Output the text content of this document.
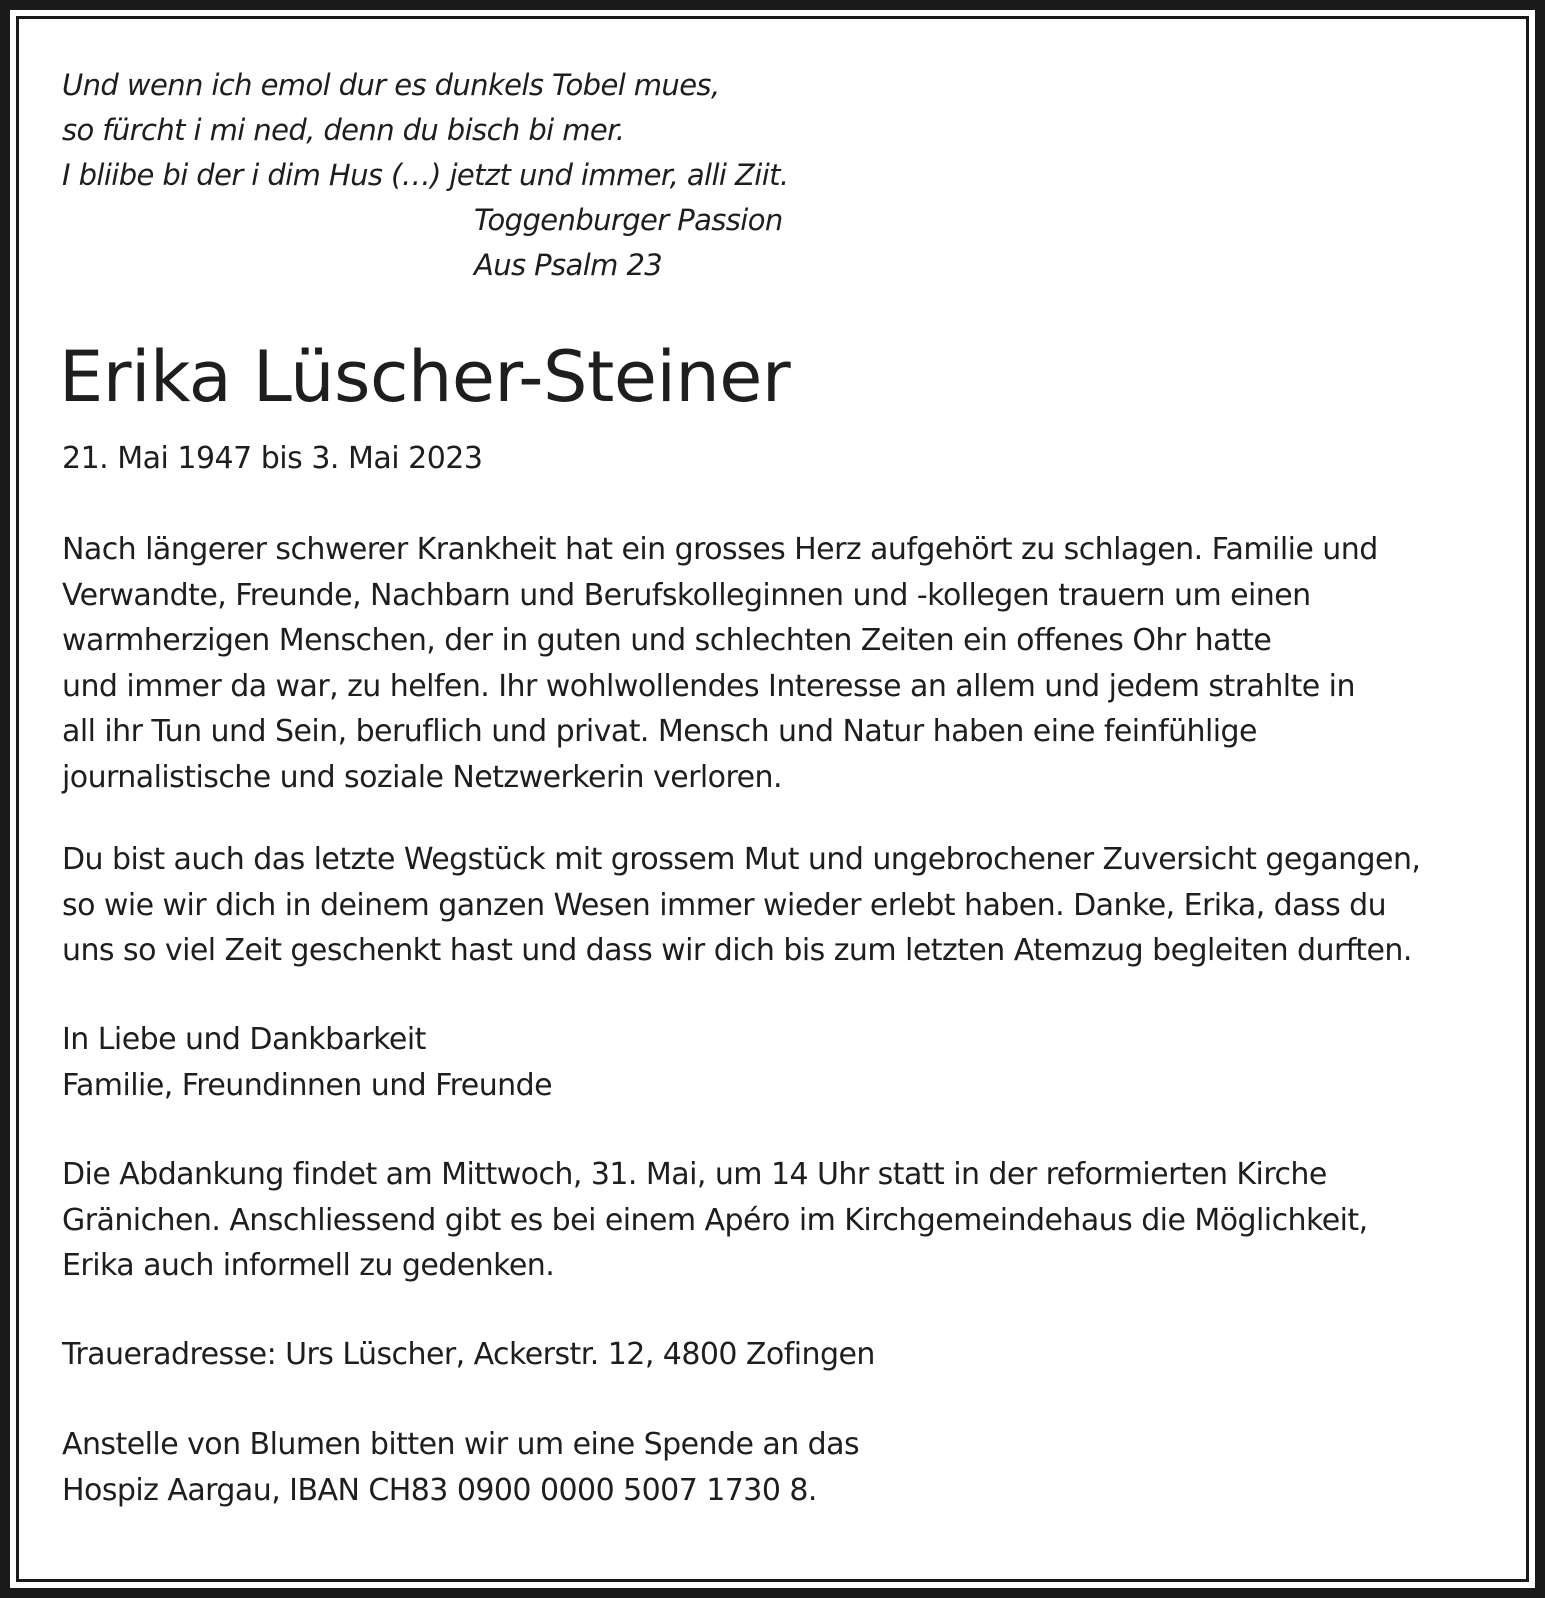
Und wenn ich emol dur es dunkels Tobel mues,
so fürcht i mi ned, denn du bisch bi mer.
I bliibe bi der i dim Hus (…) jetzt und immer, alli Ziit.
Toggenburger Passion
Aus Psalm 23
Erika Lüscher-Steiner
21. Mai 1947 bis 3. Mai 2023
Nach längerer schwerer Krankheit hat ein grosses Herz aufgehört zu schlagen. Familie und
Verwandte, Freunde, Nachbarn und Berufskolleginnen und -kollegen trauern um einen
warmherzigen Menschen, der in guten und schlechten Zeiten ein offenes Ohr hatte
und immer da war, zu helfen. Ihr wohlwollendes Interesse an allem und jedem strahlte in
all ihr Tun und Sein, beruflich und privat. Mensch und Natur haben eine feinfühlige
journalistische und soziale Netzwerkerin verloren.
Du bist auch das letzte Wegstück mit grossem Mut und ungebrochener Zuversicht gegangen,
so wie wir dich in deinem ganzen Wesen immer wieder erlebt haben. Danke, Erika, dass du
uns so viel Zeit geschenkt hast und dass wir dich bis zum letzten Atemzug begleiten durften.
In Liebe und Dankbarkeit
Familie, Freundinnen und Freunde
Die Abdankung findet am Mittwoch, 31. Mai, um 14 Uhr statt in der reformierten Kirche
Gränichen. Anschliessend gibt es bei einem Apéro im Kirchgemeindehaus die Möglichkeit,
Erika auch informell zu gedenken.
Traueradresse: Urs Lüscher, Ackerstr. 12, 4800 Zofingen
Anstelle von Blumen bitten wir um eine Spende an das
Hospiz Aargau, IBAN CH83 0900 0000 5007 1730 8.
